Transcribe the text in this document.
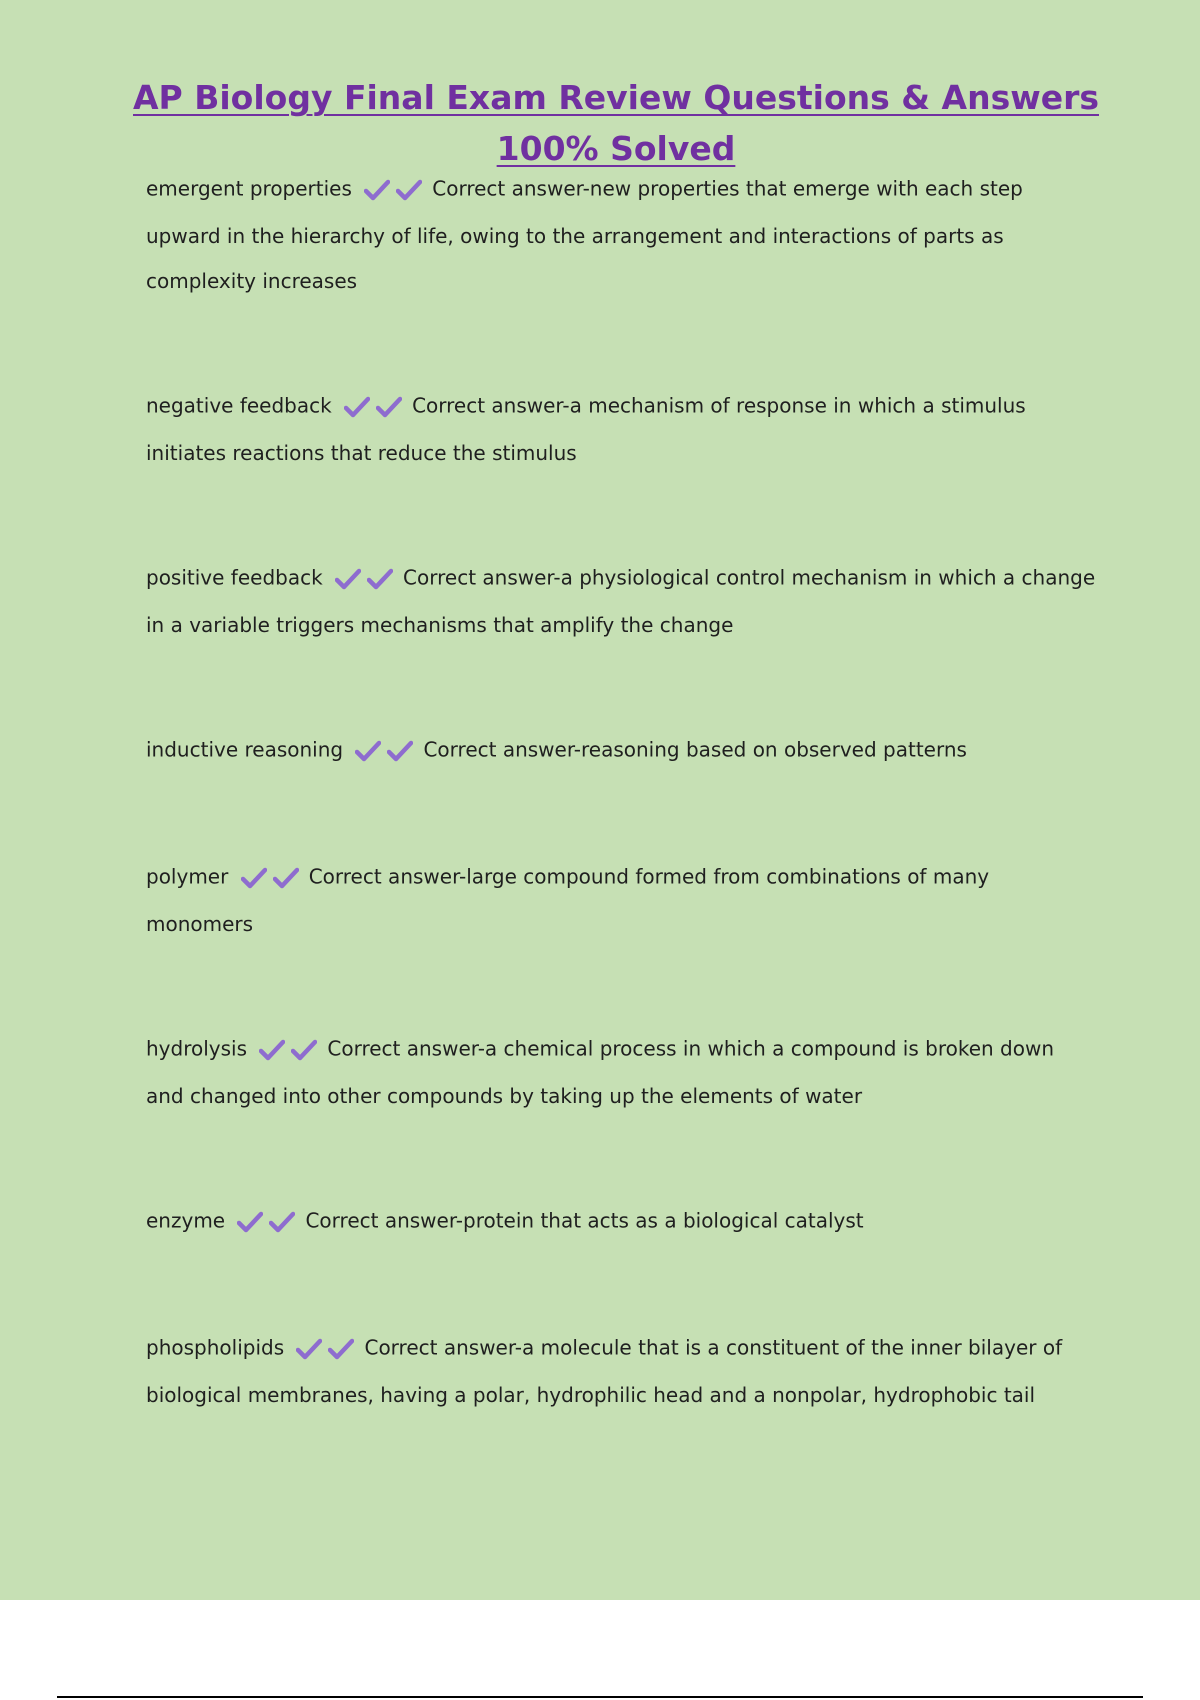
AP Biology Final Exam Review Questions & Answers
100% Solved

emergent properties	Correct answer-new properties that emerge with each step upward in the hierarchy of life, owing to the arrangement and interactions of parts as complexity increases

negative feedback	Correct answer-a mechanism of response in which a stimulus initiates reactions that reduce the stimulus

positive feedback	Correct answer-a physiological control mechanism in which a change in a variable triggers mechanisms that amplify the change

inductive reasoning	Correct answer-reasoning based on observed patterns

polymer	Correct answer-large compound formed from combinations of many monomers

hydrolysis	Correct answer-a chemical process in which a compound is broken down and changed into other compounds by taking up the elements of water

enzyme	Correct answer-protein that acts as a biological catalyst

phospholipids	Correct answer-a molecule that is a constituent of the inner bilayer of biological membranes, having a polar, hydrophilic head and a nonpolar, hydrophobic tail
